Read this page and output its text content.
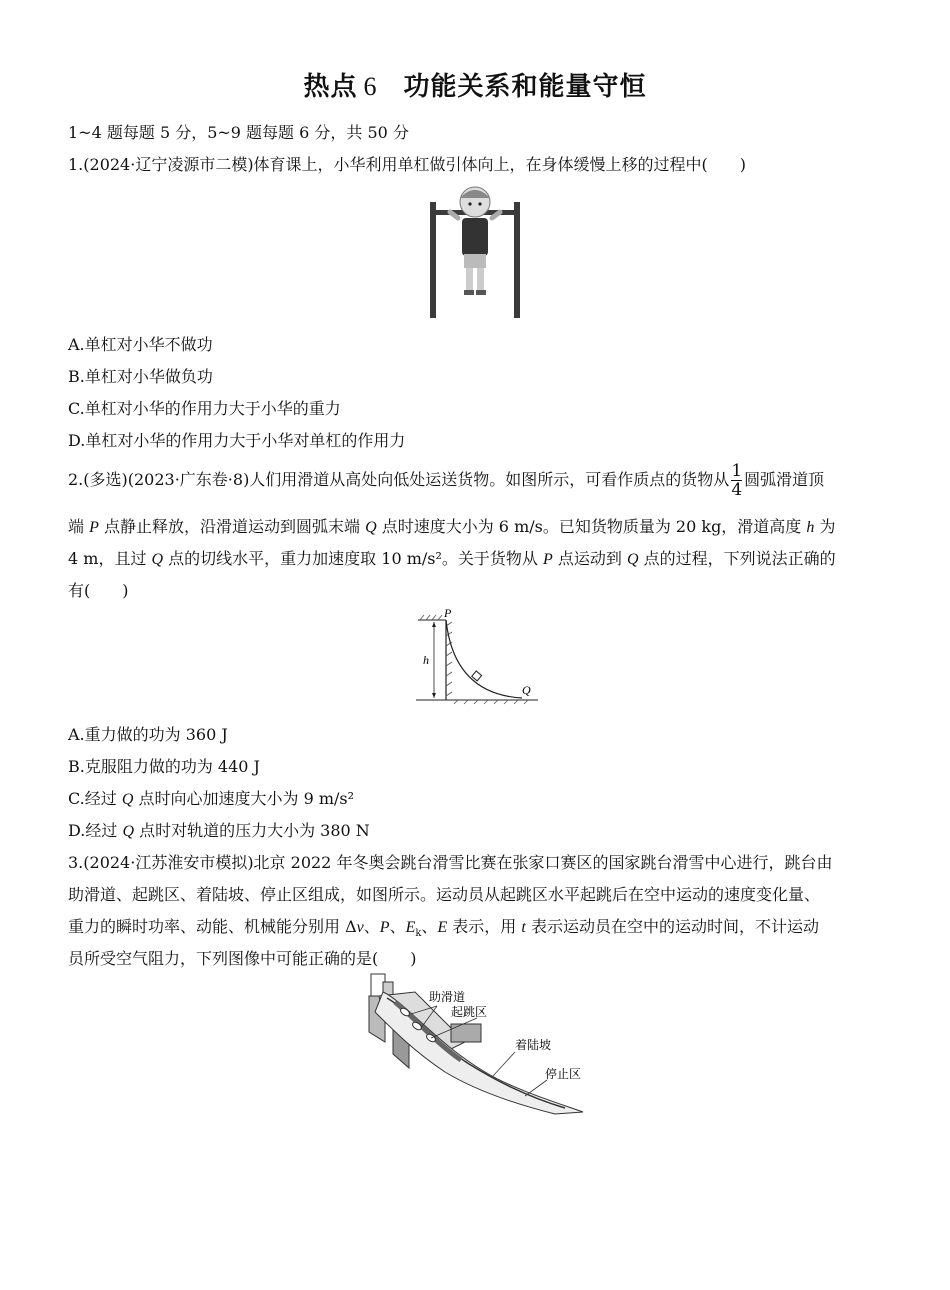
热点 6 功能关系和能量守恒
1~4 题每题 5 分，5~9 题每题 6 分，共 50 分
1.(2024·辽宁凌源市二模)体育课上，小华利用单杠做引体向上，在身体缓慢上移的过程中(　　)
A.单杠对小华不做功
B.单杠对小华做负功
C.单杠对小华的作用力大于小华的重力
D.单杠对小华的作用力大于小华对单杠的作用力
2.(多选)(2023·广东卷·8)人们用滑道从高处向低处运送货物。如图所示，可看作质点的货物从 $\frac{1}{4}$ 圆弧滑道顶
端 P 点静止释放，沿滑道运动到圆弧末端 Q 点时速度大小为 6 m/s。已知货物质量为 20 kg，滑道高度 h 为
4 m，且过 Q 点的切线水平，重力加速度取 10 m/s²。关于货物从 P 点运动到 Q 点的过程，下列说法正确的
有(　　)
P
h
Q
A.重力做的功为 360 J
B.克服阻力做的功为 440 J
C.经过 Q 点时向心加速度大小为 9 m/s²
D.经过 Q 点时对轨道的压力大小为 380 N
3.(2024·江苏淮安市模拟)北京 2022 年冬奥会跳台滑雪比赛在张家口赛区的国家跳台滑雪中心进行，跳台由
助滑道、起跳区、着陆坡、停止区组成，如图所示。运动员从起跳区水平起跳后在空中运动的速度变化量、
重力的瞬时功率、动能、机械能分别用 Δv、P、$E_k$、E 表示，用 t 表示运动员在空中的运动时间，不计运动
员所受空气阻力，下列图像中可能正确的是(　　)
助滑道
起跳区
着陆坡
停止区
